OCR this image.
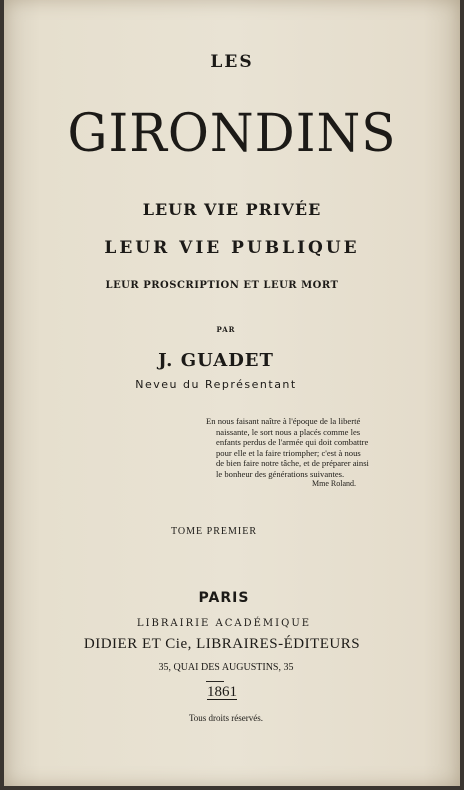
LES
GIRONDINS
LEUR VIE PRIVÉE
LEUR VIE PUBLIQUE
LEUR PROSCRIPTION ET LEUR MORT
PAR
J. GUADET
Neveu du Représentant
En nous faisant naître à l'époque de la liberté
naissante, le sort nous a placés comme les
enfants perdus de l'armée qui doit combattre
pour elle et la faire triompher; c'est à nous
de bien faire notre tâche, et de préparer ainsi
le bonheur des générations suivantes.
Mme Roland.
TOME PREMIER
PARIS
LIBRAIRIE ACADÉMIQUE
DIDIER ET Cie, LIBRAIRES-ÉDITEURS
35, QUAI DES AUGUSTINS, 35
1861
Tous droits réservés.
